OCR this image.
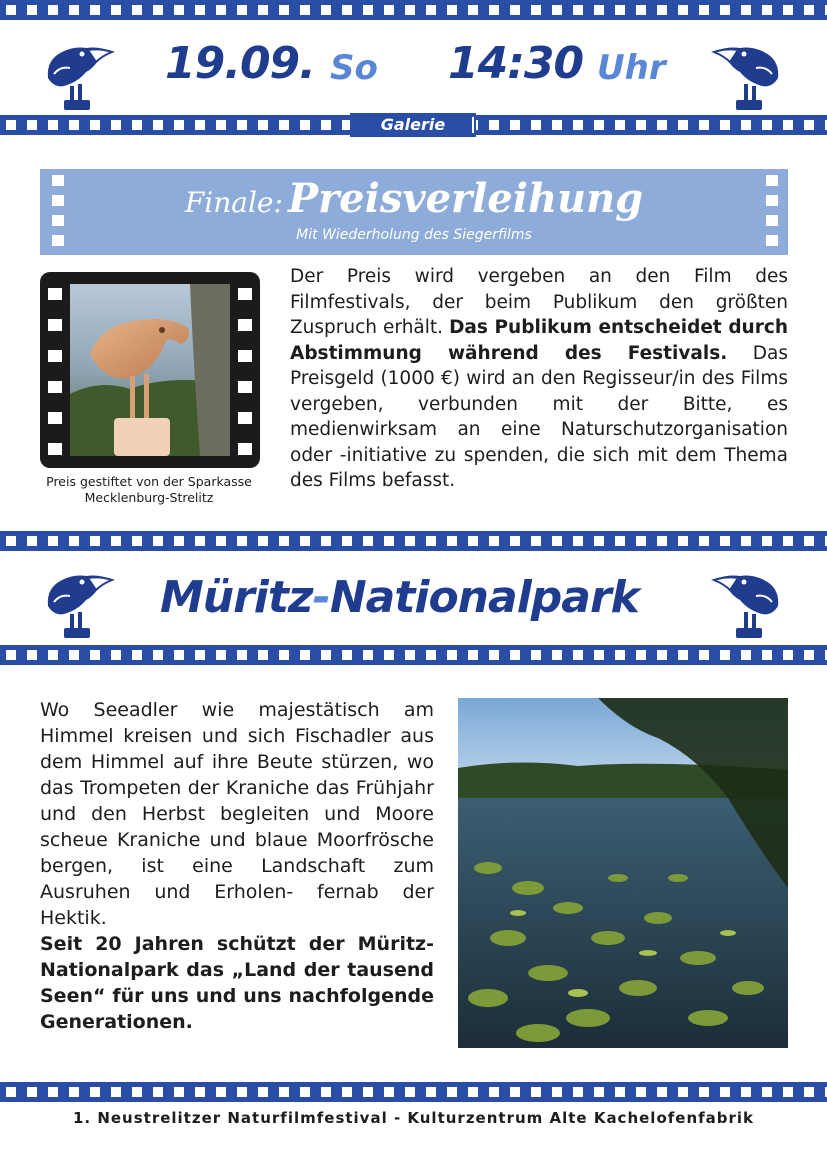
19.09. So 14:30 Uhr
Galerie
Finale: Preisverleihung
Mit Wiederholung des Siegerfilms
Preis gestiftet von der Sparkasse Mecklenburg-Strelitz
Der Preis wird vergeben an den Film des Filmfestivals, der beim Publikum den größten Zuspruch erhält. Das Publikum entscheidet durch Abstimmung während des Festivals. Das Preisgeld (1000 €) wird an den Regisseur/in des Films vergeben, verbunden mit der Bitte, es medienwirksam an eine Naturschutzorganisation oder -initiative zu spenden, die sich mit dem Thema des Films befasst.
Müritz-Nationalpark
Wo Seeadler wie majestätisch am Himmel kreisen und sich Fischadler aus dem Himmel auf ihre Beute stürzen, wo das Trompeten der Kraniche das Frühjahr und den Herbst begleiten und Moore scheue Kraniche und blaue Moorfrösche bergen, ist eine Landschaft zum Ausruhen und Erholen- fernab der Hektik.
Seit 20 Jahren schützt der Müritz-Nationalpark das „Land der tausend Seen“ für uns und uns nachfolgende Generationen.
1. Neustrelitzer Naturfilmfestival - Kulturzentrum Alte Kachelofenfabrik
